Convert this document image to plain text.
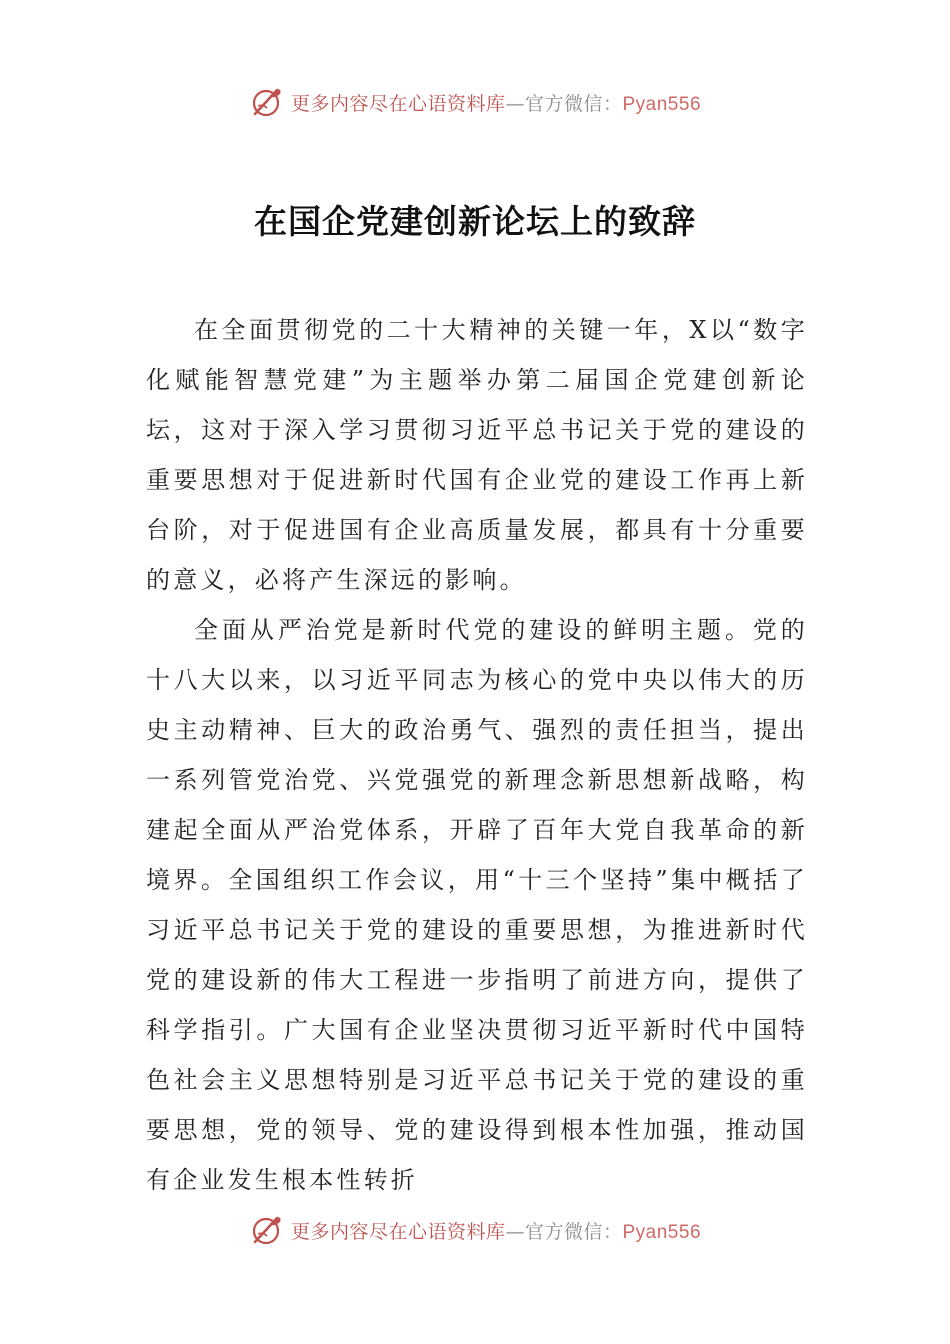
更多内容尽在心语资料库—官方微信：Pyan556
在国企党建创新论坛上的致辞

在全面贯彻党的二十大精神的关键一年，X以“数字化赋能智慧党建”为主题举办第二届国企党建创新论坛，这对于深入学习贯彻习近平总书记关于党的建设的重要思想对于促进新时代国有企业党的建设工作再上新台阶，对于促进国有企业高质量发展，都具有十分重要的意义，必将产生深远的影响。

全面从严治党是新时代党的建设的鲜明主题。党的十八大以来，以习近平同志为核心的党中央以伟大的历史主动精神、巨大的政治勇气、强烈的责任担当，提出一系列管党治党、兴党强党的新理念新思想新战略，构建起全面从严治党体系，开辟了百年大党自我革命的新境界。全国组织工作会议，用“十三个坚持”集中概括了习近平总书记关于党的建设的重要思想，为推进新时代党的建设新的伟大工程进一步指明了前进方向，提供了科学指引。广大国有企业坚决贯彻习近平新时代中国特色社会主义思想特别是习近平总书记关于党的建设的重要思想，党的领导、党的建设得到根本性加强，推动国有企业发生根本性转折

更多内容尽在心语资料库—官方微信：Pyan556
